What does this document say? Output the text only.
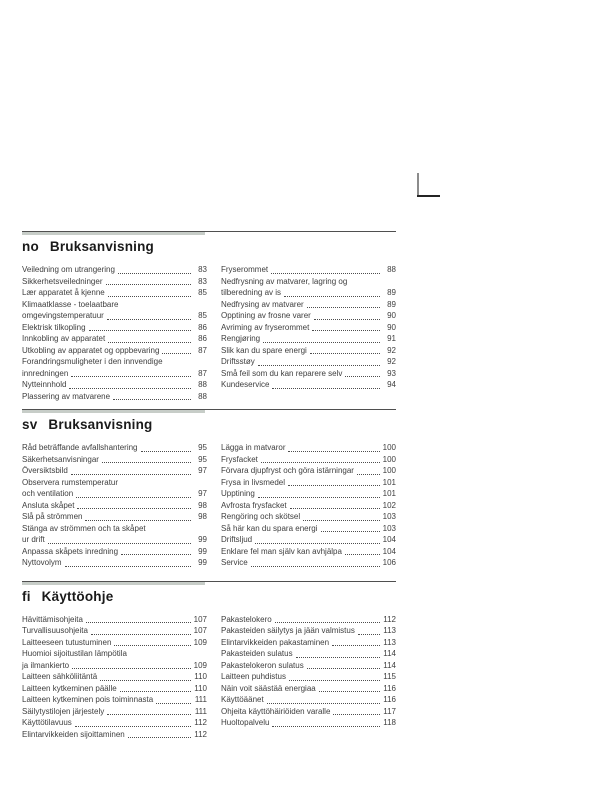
no Bruksanvisning
Veiledning om utrangering	83
Sikkerhetsveiledninger	83
Lær apparatet å kjenne	85
Klimaatklasse - toelaatbare
omgevingstemperatuur	85
Elektrisk tilkopling	86
Innkobling av apparatet	86
Utkobling av apparatet og oppbevaring	87
Forandringsmuligheter i den innvendige
innredningen	87
Nytteinnhold	88
Plassering av matvarene	88
Fryserommet	88
Nedfrysning av matvarer, lagring og
tilberedning av is	89
Nedfrysing av matvarer	89
Opptining av frosne varer	90
Avriming av fryserommet	90
Rengjøring	91
Slik kan du spare energi	92
Driftsstøy	92
Små feil som du kan reparere selv	93
Kundeservice	94
sv Bruksanvisning
Råd beträffande avfallshantering	95
Säkerhetsanvisningar	95
Översiktsbild	97
Observera rumstemperatur
och ventilation	97
Ansluta skåpet	98
Slå på strömmen	98
Stänga av strömmen och ta skåpet
ur drift	99
Anpassa skåpets inredning	99
Nyttovolym	99
Lägga in matvaror	100
Frysfacket	100
Förvara djupfryst och göra istärningar	100
Frysa in livsmedel	101
Upptining	101
Avfrosta frysfacket	102
Rengöring och skötsel	103
Så här kan du spara energi	103
Driftsljud	104
Enklare fel man själv kan avhjälpa	104
Service	106
fi Käyttöohje
Hävittämisohjeita	107
Turvallisuusohjeita	107
Laitteeseen tutustuminen	109
Huomioi sijoitustilan lämpötila
ja ilmankierto	109
Laitteen sähköliitäntä	110
Laitteen kytkeminen päälle	110
Laitteen kytkeminen pois toiminnasta	111
Säilytystilojen järjestely	111
Käyttötilavuus	112
Elintarvikkeiden sijoittaminen	112
Pakastelokero	112
Pakasteiden säilytys ja jään valmistus	113
Elintarvikkeiden pakastaminen	113
Pakasteiden sulatus	114
Pakastelokeron sulatus	114
Laitteen puhdistus	115
Näin voit säästää energiaa	116
Käyttöäänet	116
Ohjeita käyttöhäiriöiden varalle	117
Huoltopalvelu	118
